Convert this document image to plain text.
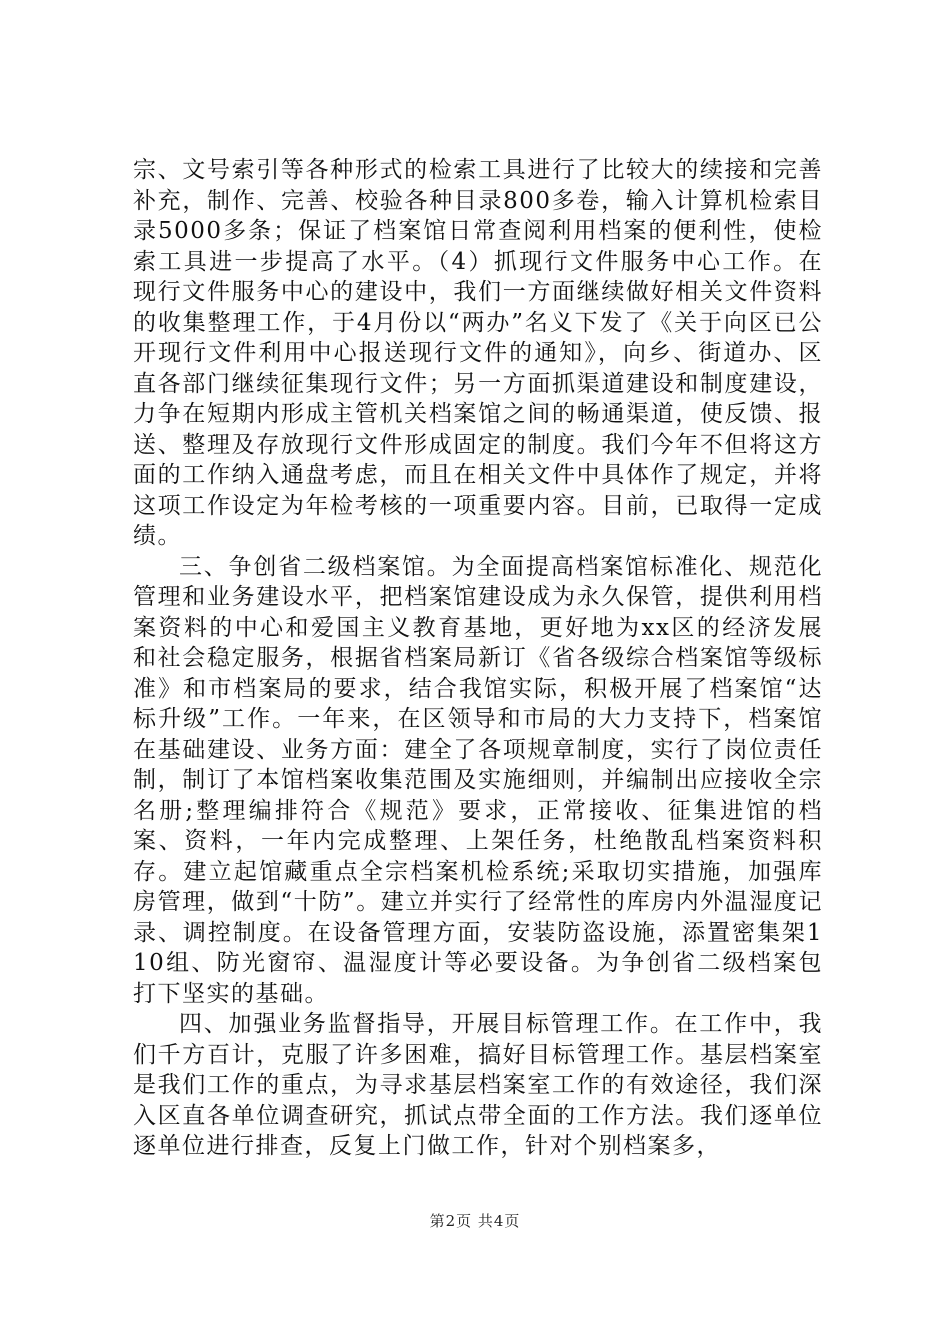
宗、文号索引等各种形式的检索工具进行了比较大的续接和完善补充，制作、完善、校验各种目录800多卷，输入计算机检索目录5000多条；保证了档案馆日常查阅利用档案的便利性，使检索工具进一步提高了水平。（4）抓现行文件服务中心工作。在现行文件服务中心的建设中，我们一方面继续做好相关文件资料的收集整理工作，于4月份以“两办”名义下发了《关于向区已公开现行文件利用中心报送现行文件的通知》，向乡、街道办、区直各部门继续征集现行文件；另一方面抓渠道建设和制度建设，力争在短期内形成主管机关档案馆之间的畅通渠道，使反馈、报送、整理及存放现行文件形成固定的制度。我们今年不但将这方面的工作纳入通盘考虑，而且在相关文件中具体作了规定，并将这项工作设定为年检考核的一项重要内容。目前，已取得一定成绩。

三、争创省二级档案馆。为全面提高档案馆标准化、规范化管理和业务建设水平，把档案馆建设成为永久保管，提供利用档案资料的中心和爱国主义教育基地，更好地为xx区的经济发展和社会稳定服务，根据省档案局新订《省各级综合档案馆等级标准》和市档案局的要求，结合我馆实际，积极开展了档案馆“达标升级”工作。一年来，在区领导和市局的大力支持下，档案馆在基础建设、业务方面：建全了各项规章制度，实行了岗位责任制，制订了本馆档案收集范围及实施细则，并编制出应接收全宗名册;整理编排符合《规范》要求，正常接收、征集进馆的档案、资料，一年内完成整理、上架任务，杜绝散乱档案资料积存。建立起馆藏重点全宗档案机检系统;采取切实措施，加强库房管理，做到“十防”。建立并实行了经常性的库房内外温湿度记录、调控制度。在设备管理方面，安装防盗设施，添置密集架110组、防光窗帘、温湿度计等必要设备。为争创省二级档案包打下坚实的基础。

四、加强业务监督指导，开展目标管理工作。在工作中，我们千方百计，克服了许多困难，搞好目标管理工作。基层档案室是我们工作的重点，为寻求基层档案室工作的有效途径，我们深入区直各单位调查研究，抓试点带全面的工作方法。我们逐单位逐单位进行排查，反复上门做工作，针对个别档案多，

第2页 共4页
